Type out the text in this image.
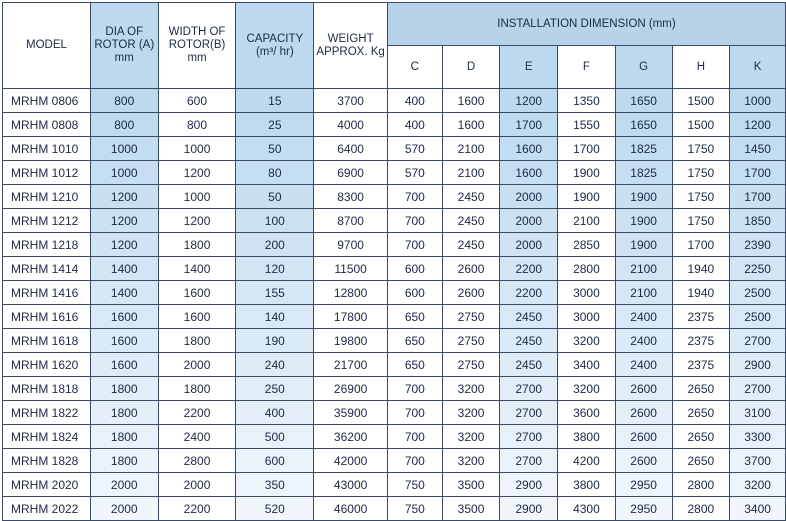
MODEL	DIA OF ROTOR (A) mm	WIDTH OF ROTOR(B) mm	CAPACITY (m³/ hr)	WEIGHT APPROX. Kg	INSTALLATION DIMENSION (mm)						
					C	D	E	F	G	H	K
MRHM 0806	800	600	15	3700	400	1600	1200	1350	1650	1500	1000
MRHM 0808	800	800	25	4000	400	1600	1700	1550	1650	1500	1200
MRHM 1010	1000	1000	50	6400	570	2100	1600	1700	1825	1750	1450
MRHM 1012	1000	1200	80	6900	570	2100	1600	1900	1825	1750	1700
MRHM 1210	1200	1000	50	8300	700	2450	2000	1900	1900	1750	1700
MRHM 1212	1200	1200	100	8700	700	2450	2000	2100	1900	1750	1850
MRHM 1218	1200	1800	200	9700	700	2450	2000	2850	1900	1700	2390
MRHM 1414	1400	1400	120	11500	600	2600	2200	2800	2100	1940	2250
MRHM 1416	1400	1600	155	12800	600	2600	2200	3000	2100	1940	2500
MRHM 1616	1600	1600	140	17800	650	2750	2450	3000	2400	2375	2500
MRHM 1618	1600	1800	190	19800	650	2750	2450	3200	2400	2375	2700
MRHM 1620	1600	2000	240	21700	650	2750	2450	3400	2400	2375	2900
MRHM 1818	1800	1800	250	26900	700	3200	2700	3200	2600	2650	2700
MRHM 1822	1800	2200	400	35900	700	3200	2700	3600	2600	2650	3100
MRHM 1824	1800	2400	500	36200	700	3200	2700	3800	2600	2650	3300
MRHM 1828	1800	2800	600	42000	700	3200	2700	4200	2600	2650	3700
MRHM 2020	2000	2000	350	43000	750	3500	2900	3800	2950	2800	3200
MRHM 2022	2000	2200	520	46000	750	3500	2900	4300	2950	2800	3400
